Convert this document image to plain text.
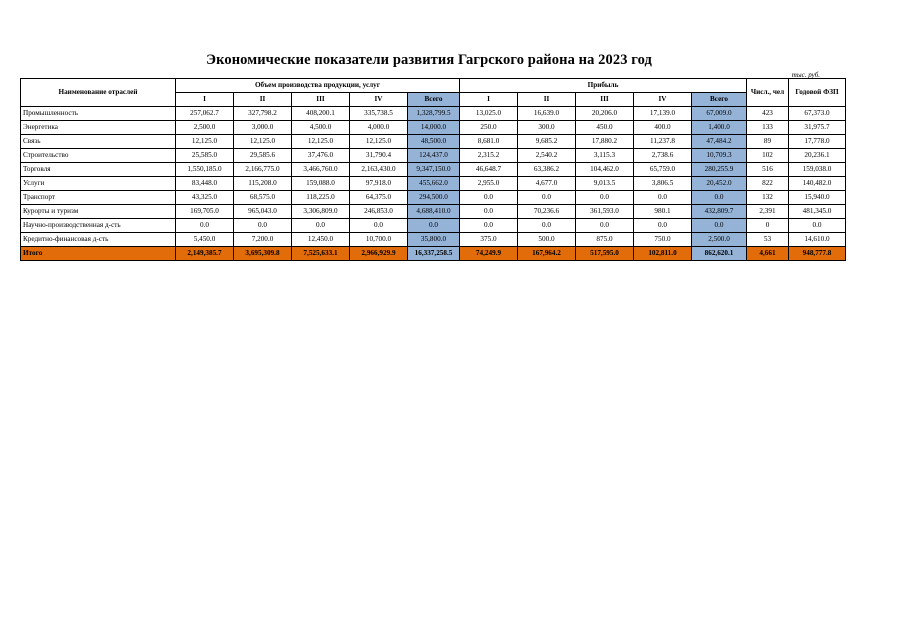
Экономические показатели развития Гагрского района на 2023 год
тыс. руб.
Наименование отраслей	Объем производства продукции, услуг					Прибыль					Числ., чел	Годовой ФЗП
	I	II	III	IV	Всего	I	II	III	IV	Всего		
Промышленность	257,062.7	327,798.2	408,200.1	335,738.5	1,328,799.5	13,025.0	16,639.0	20,206.0	17,139.0	67,009.0	423	67,373.0
Энергетика	2,500.0	3,000.0	4,500.0	4,000.0	14,000.0	250.0	300.0	450.0	400.0	1,400.0	133	31,975.7
Связь	12,125.0	12,125.0	12,125.0	12,125.0	48,500.0	8,681.0	9,685.2	17,880.2	11,237.8	47,484.2	89	17,778.0
Строительство	25,585.0	29,585.6	37,476.0	31,790.4	124,437.0	2,315.2	2,540.2	3,115.3	2,738.6	10,709.3	102	20,236.1
Торговля	1,550,185.0	2,166,775.0	3,466,760.0	2,163,430.0	9,347,150.0	46,648.7	63,386.2	104,462.0	65,759.0	280,255.9	516	159,038.0
Услуги	83,448.0	115,208.0	159,088.0	97,918.0	455,662.0	2,955.0	4,677.0	9,013.5	3,806.5	20,452.0	822	140,482.0
Транспорт	43,325.0	68,575.0	118,225.0	64,375.0	294,500.0	0.0	0.0	0.0	0.0	0.0	132	15,940.0
Курорты и туризм	169,705.0	965,043.0	3,306,809.0	246,853.0	4,688,410.0	0.0	70,236.6	361,593.0	980.1	432,809.7	2,391	481,345.0
Научно-производственная д-сть	0.0	0.0	0.0	0.0	0.0	0.0	0.0	0.0	0.0	0.0	0	0.0
Кредитно-финансовая д-сть	5,450.0	7,200.0	12,450.0	10,700.0	35,800.0	375.0	500.0	875.0	750.0	2,500.0	53	14,610.0
Итого	2,149,385.7	3,695,309.8	7,525,633.1	2,966,929.9	16,337,258.5	74,249.9	167,964.2	517,595.0	102,811.0	862,620.1	4,661	948,777.8
